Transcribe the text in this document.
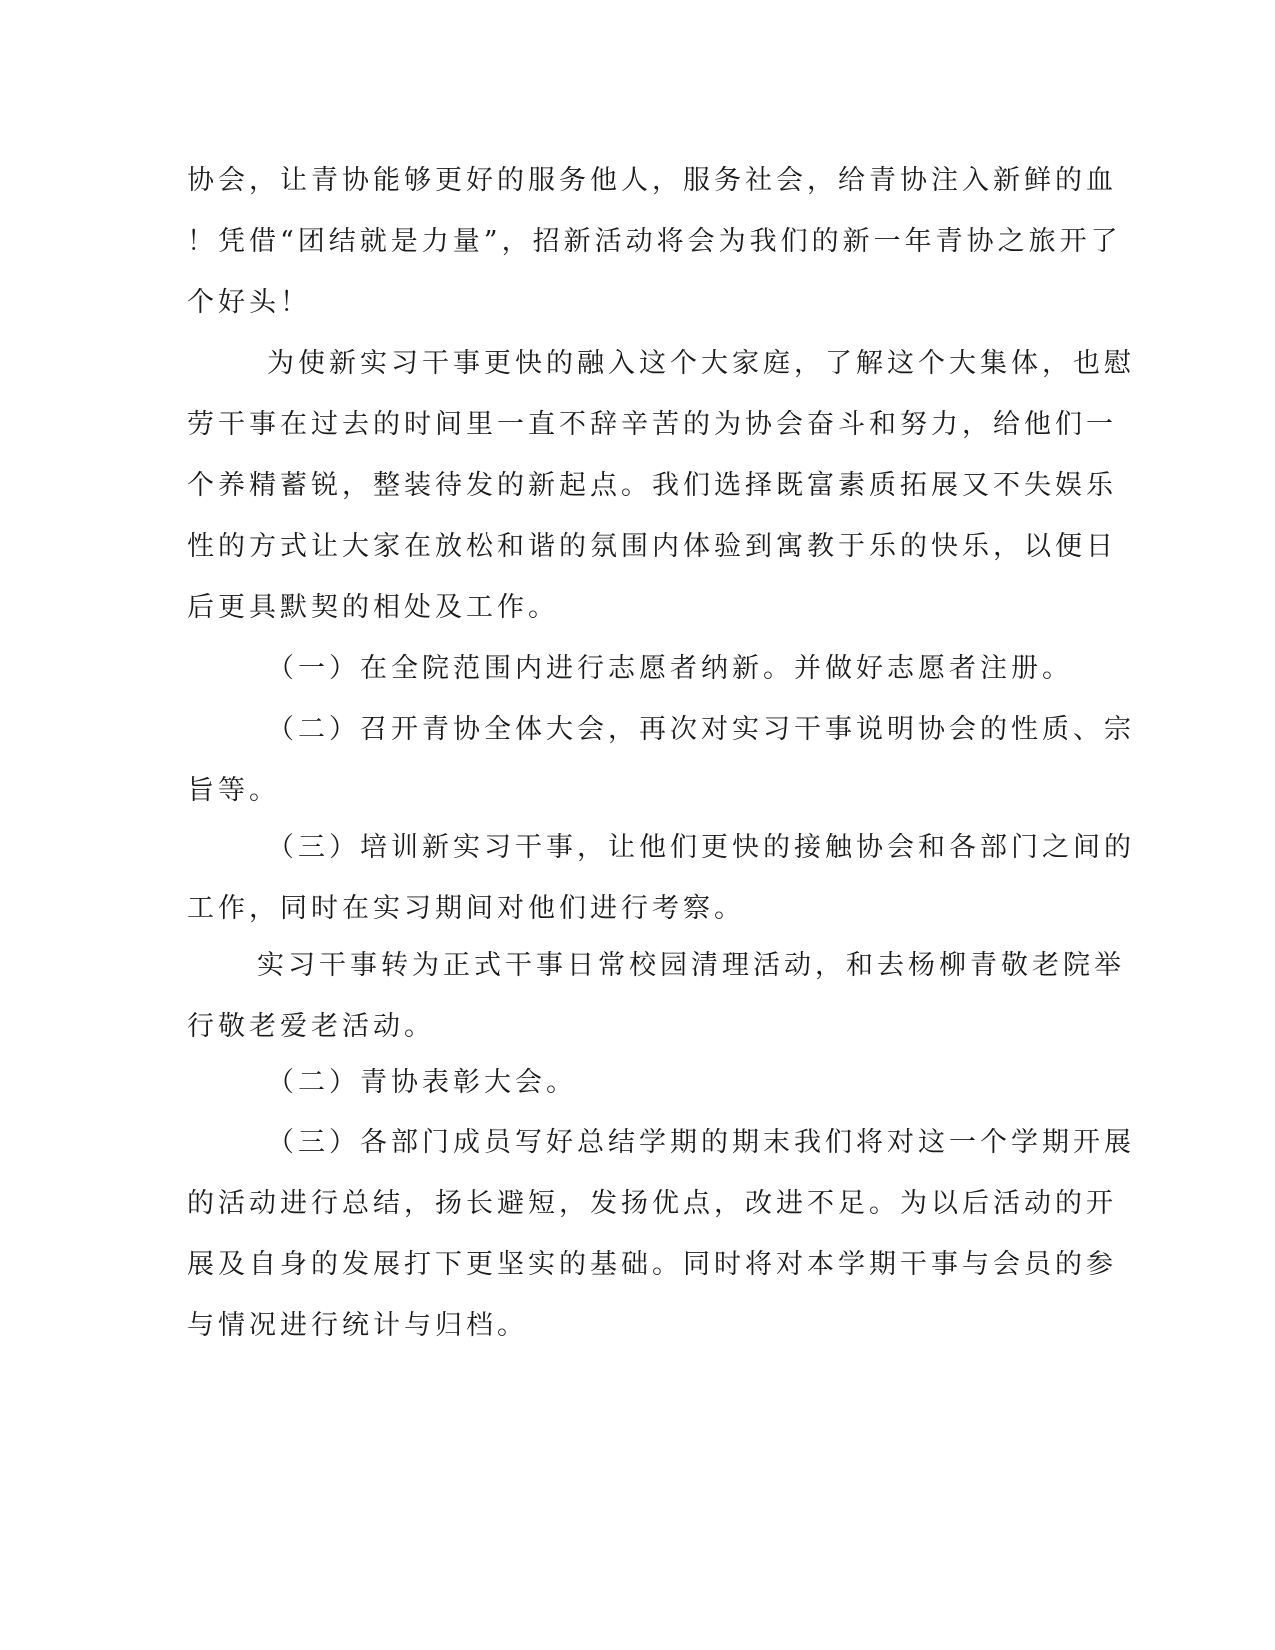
协会，让青协能够更好的服务他人，服务社会，给青协注入新鲜的血
！凭借“团结就是力量”，招新活动将会为我们的新一年青协之旅开了
个好头！
为使新实习干事更快的融入这个大家庭，了解这个大集体，也慰
劳干事在过去的时间里一直不辞辛苦的为协会奋斗和努力，给他们一
个养精蓄锐，整装待发的新起点。我们选择既富素质拓展又不失娱乐
性的方式让大家在放松和谐的氛围内体验到寓教于乐的快乐，以便日
后更具默契的相处及工作。
（一）在全院范围内进行志愿者纳新。并做好志愿者注册。
（二）召开青协全体大会，再次对实习干事说明协会的性质、宗
旨等。
（三）培训新实习干事，让他们更快的接触协会和各部门之间的
工作，同时在实习期间对他们进行考察。
实习干事转为正式干事日常校园清理活动，和去杨柳青敬老院举
行敬老爱老活动。
（二）青协表彰大会。
（三）各部门成员写好总结学期的期末我们将对这一个学期开展
的活动进行总结，扬长避短，发扬优点，改进不足。为以后活动的开
展及自身的发展打下更坚实的基础。同时将对本学期干事与会员的参
与情况进行统计与归档。
